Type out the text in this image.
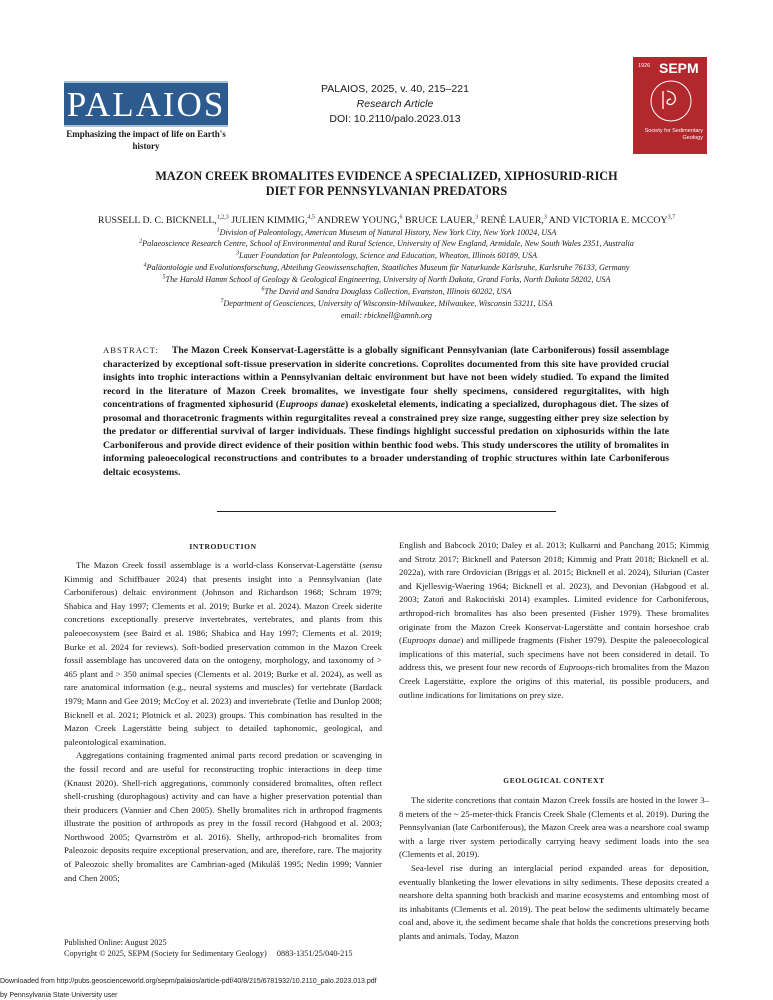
PALAIOS
Emphasizing the impact of life on Earth's history
PALAIOS, 2025, v. 40, 215–221
Research Article
DOI: 10.2110/palo.2023.013
1926 SEPM
Society for Sedimentary Geology
MAZON CREEK BROMALITES EVIDENCE A SPECIALIZED, XIPHOSURID-RICH
DIET FOR PENNSYLVANIAN PREDATORS
RUSSELL D. C. BICKNELL,$^{1,2,3}$ JULIEN KIMMIG,$^{4,5}$ ANDREW YOUNG,$^6$ BRUCE LAUER,$^3$ RENÉ LAUER,$^3$ AND VICTORIA E. MCCOY$^{3,7}$
$^1$Division of Paleontology, American Museum of Natural History, New York City, New York 10024, USA
$^2$Palaeoscience Research Centre, School of Environmental and Rural Science, University of New England, Armidale, New South Wales 2351, Australia
$^3$Lauer Foundation for Paleontology, Science and Education, Wheaton, Illinois 60189, USA
$^4$Paläontologie und Evolutionsforschung, Abteilung Geowissenschaften, Staatliches Museum für Naturkunde Karlsruhe, Karlsruhe 76133, Germany
$^5$The Harold Hamm School of Geology & Geological Engineering, University of North Dakota, Grand Forks, North Dakota 58202, USA
$^6$The David and Sandra Douglass Collection, Evanston, Illinois 60202, USA
$^7$Department of Geosciences, University of Wisconsin-Milwaukee, Milwaukee, Wisconsin 53211, USA
email: rbicknell@amnh.org
ABSTRACT: The Mazon Creek Konservat-Lagerstätte is a globally significant Pennsylvanian (late Carboniferous) fossil assemblage characterized by exceptional soft-tissue preservation in siderite concretions. Coprolites documented from this site have provided crucial insights into trophic interactions within a Pennsylvanian deltaic environment but have not been widely studied. To expand the limited record in the literature of Mazon Creek bromalites, we investigate four shelly specimens, considered regurgitalites, with high concentrations of fragmented xiphosurid (Euproops danae) exoskeletal elements, indicating a specialized, durophagous diet. The sizes of prosomal and thoracetronic fragments within regurgitalites reveal a constrained prey size range, suggesting either prey size selection by the predator or differential survival of larger individuals. These findings highlight successful predation on xiphosurids within the late Carboniferous and provide direct evidence of their position within benthic food webs. This study underscores the utility of bromalites in informing paleoecological reconstructions and contributes to a broader understanding of trophic structures within late Carboniferous deltaic ecosystems.
INTRODUCTION

The Mazon Creek fossil assemblage is a world-class Konservat-Lagerstätte (sensu Kimmig and Schiffbauer 2024) that presents insight into a Pennsylvanian (late Carboniferous) deltaic environment (Johnson and Richardson 1968; Schram 1979; Shabica and Hay 1997; Clements et al. 2019; Burke et al. 2024). Mazon Creek siderite concretions exceptionally preserve invertebrates, vertebrates, and plants from this paleoecosystem (see Baird et al. 1986; Shabica and Hay 1997; Clements et al. 2019; Burke et al. 2024 for reviews). Soft-bodied preservation common in the Mazon Creek fossil assemblage has uncovered data on the ontogeny, morphology, and taxonomy of > 465 plant and > 350 animal species (Clements et al. 2019; Burke et al. 2024), as well as rare anatomical information (e.g., neural systems and muscles) for vertebrate (Bardack 1979; Mann and Gee 2019; McCoy et al. 2023) and invertebrate (Tetlie and Dunlop 2008; Bicknell et al. 2021; Plotnick et al. 2023) groups. This combination has resulted in the Mazon Creek Lagerstätte being subject to detailed taphonomic, geological, and paleontological examination.

Aggregations containing fragmented animal parts record predation or scavenging in the fossil record and are useful for reconstructing trophic interactions in deep time (Knaust 2020). Shell-rich aggregations, commonly considered bromalites, often reflect shell-crushing (durophagous) activity and can have a higher preservation potential than their producers (Vannier and Chen 2005). Shelly bromalites rich in arthropod fragments illustrate the position of arthropods as prey in the fossil record (Habgood et al. 2003; Northwood 2005; Qvarnström et al. 2016). Shelly, arthropod-rich bromalites from Paleozoic deposits require exceptional preservation, and are, therefore, rare. The majority of Paleozoic shelly bromalites are Cambrian-aged (Mikuláš 1995; Nedin 1999; Vannier and Chen 2005;

Published Online: August 2025
Copyright © 2025, SEPM (Society for Sedimentary Geology)     0883-1351/25/040-215

English and Babcock 2010; Daley et al. 2013; Kulkarni and Panchang 2015; Kimmig and Strotz 2017; Bicknell and Paterson 2018; Kimmig and Pratt 2018; Bicknell et al. 2022a), with rare Ordovician (Briggs et al. 2015; Bicknell et al. 2024), Silurian (Caster and Kjellesvig-Waering 1964; Bicknell et al. 2023), and Devonian (Habgood et al. 2003; Zatoń and Rakociński 2014) examples. Limited evidence for Carboniferous, arthropod-rich bromalites has also been presented (Fisher 1979). These bromalites originate from the Mazon Creek Konservat-Lagerstätte and contain horseshoe crab (Euproops danae) and millipede fragments (Fisher 1979). Despite the paleoecological implications of this material, such specimens have not been considered in detail. To address this, we present four new records of Euproops-rich bromalites from the Mazon Creek Lagerstätte, explore the origins of this material, its possible producers, and outline indications for limitations on prey size.

GEOLOGICAL CONTEXT

The siderite concretions that contain Mazon Creek fossils are hosted in the lower 3–8 meters of the ~ 25-meter-thick Francis Creek Shale (Clements et al. 2019). During the Pennsylvanian (late Carboniferous), the Mazon Creek area was a nearshore coal swamp with a large river system periodically carrying heavy sediment loads into the sea (Clements et al. 2019).

Sea-level rise during an interglacial period expanded areas for deposition, eventually blanketing the lower elevations in silty sediments. These deposits created a nearshore delta spanning both brackish and marine ecosystems and entombing most of its inhabitants (Clements et al. 2019). The peat below the sediments ultimately became coal and, above it, the sediment became shale that holds the concretions preserving both plants and animals. Today, Mazon

Downloaded from http://pubs.geoscienceworld.org/sepm/palaios/article-pdf/40/8/215/6781932/10.2110_palo.2023.013.pdf
by Pennsylvania State University user
